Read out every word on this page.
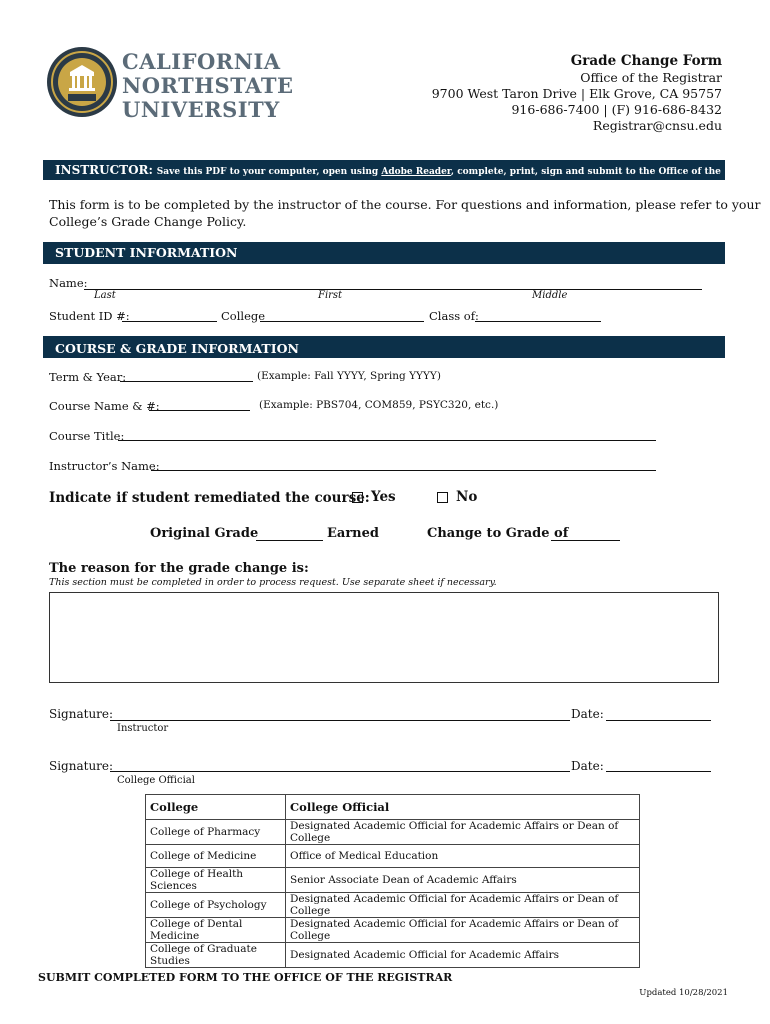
CALIFORNIA
NORTHSTATE
UNIVERSITY
Grade Change Form
Office of the Registrar
9700 West Taron Drive | Elk Grove, CA 95757
916-686-7400 | (F) 916-686-8432
Registrar@cnsu.edu
INSTRUCTOR: Save this PDF to your computer, open using Adobe Reader, complete, print, sign and submit to the Office of the Registrar.
This form is to be completed by the instructor of the course. For questions and information, please refer to your
College’s Grade Change Policy.
STUDENT INFORMATION
Name:
Last	First	Middle
Student ID #:	College	Class of:
COURSE & GRADE INFORMATION
Term & Year:	(Example: Fall YYYY, Spring YYYY)
Course Name & #:	(Example: PBS704, COM859, PSYC320, etc.)
Course Title:
Instructor’s Name:
Indicate if student remediated the course: Yes	No
Original Grade	Earned	Change to Grade of
The reason for the grade change is:
This section must be completed in order to process request. Use separate sheet if necessary.
Signature:	Date:
Instructor
Signature:	Date:
College Official
College	College Official
College of Pharmacy	Designated Academic Official for Academic Affairs or Dean of College
College of Medicine	Office of Medical Education
College of Health Sciences	Senior Associate Dean of Academic Affairs
College of Psychology	Designated Academic Official for Academic Affairs or Dean of College
College of Dental Medicine	Designated Academic Official for Academic Affairs or Dean of College
College of Graduate Studies	Designated Academic Official for Academic Affairs
SUBMIT COMPLETED FORM TO THE OFFICE OF THE REGISTRAR
Updated 10/28/2021
